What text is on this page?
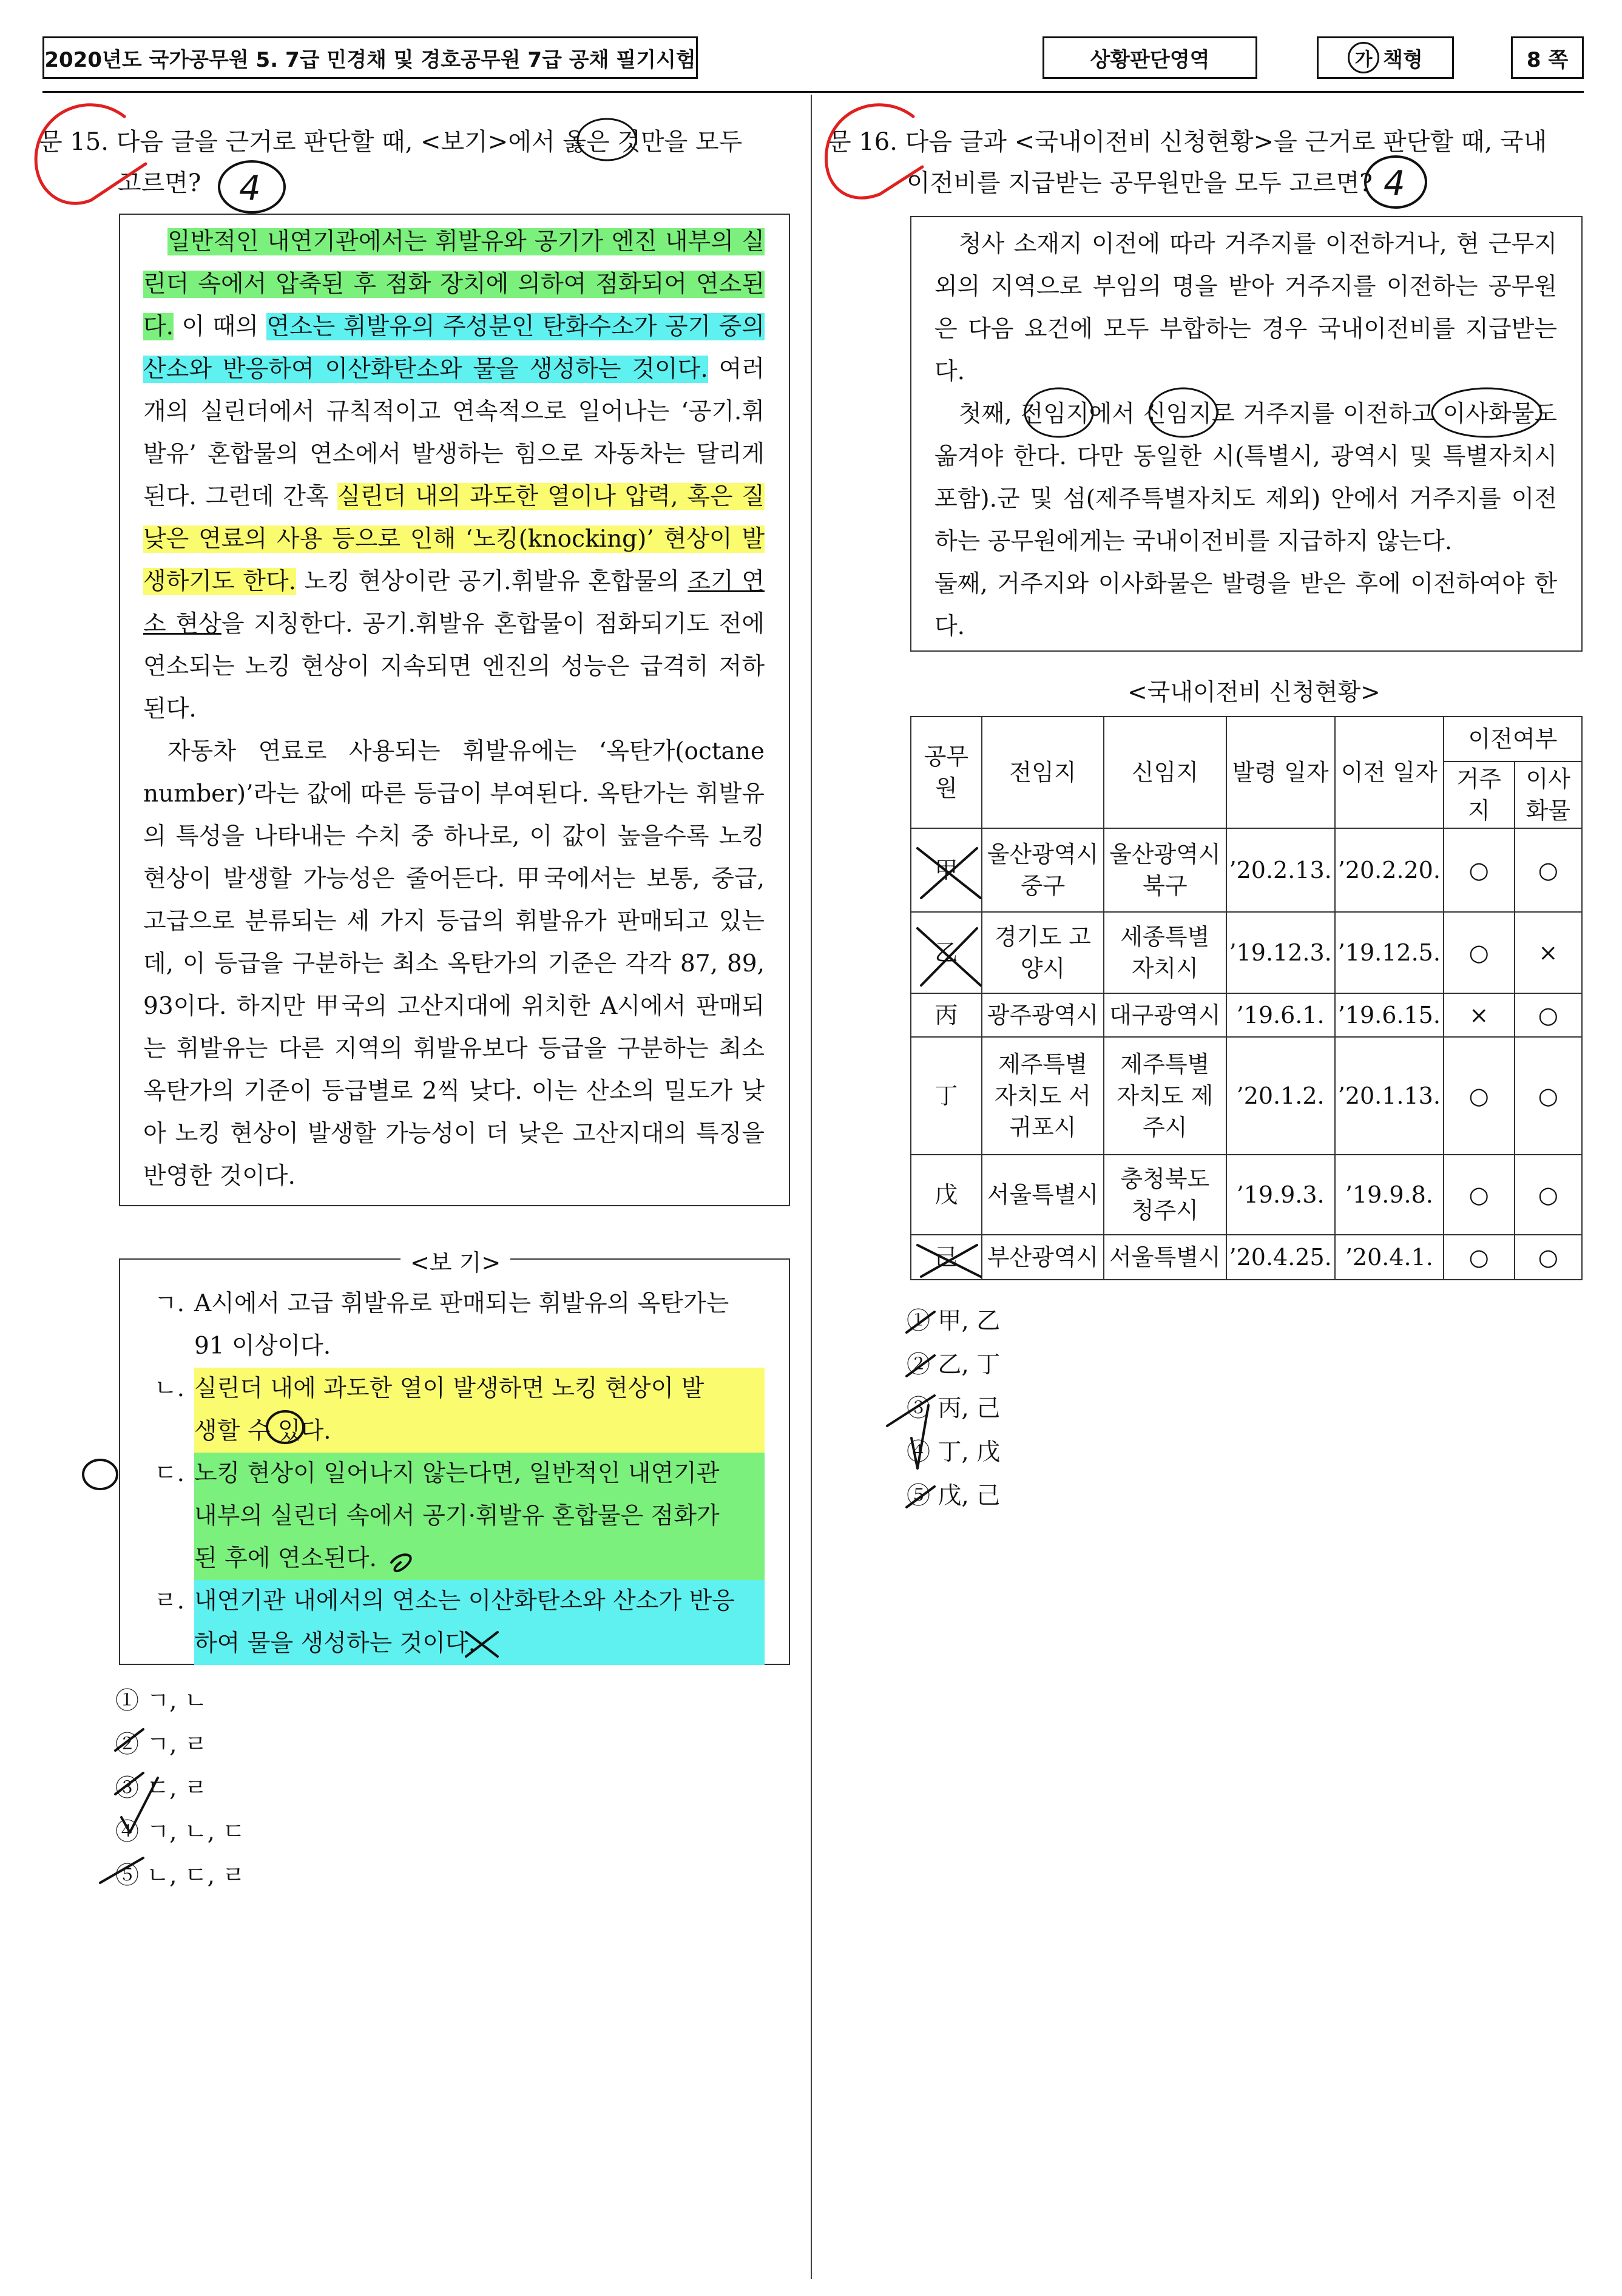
2020년도 국가공무원 5. 7급 민경채 및 경호공무원 7급 공채 필기시험	상황판단영역	가 책형	8 쪽
문 15. 다음 글을 근거로 판단할 때, <보기>에서 옳은 것만을 모두
고르면?

일반적인 내연기관에서는 휘발유와 공기가 엔진 내부의 실린더 속에서 압축된 후 점화 장치에 의하여 점화되어 연소된다. 이 때의 연소는 휘발유의 주성분인 탄화수소가 공기 중의 산소와 반응하여 이산화탄소와 물을 생성하는 것이다. 여러 개의 실린더에서 규칙적이고 연속적으로 일어나는 ‘공기.휘발유’ 혼합물의 연소에서 발생하는 힘으로 자동차는 달리게 된다. 그런데 간혹 실린더 내의 과도한 열이나 압력, 혹은 질 낮은 연료의 사용 등으로 인해 ‘노킹(knocking)’ 현상이 발생하기도 한다. 노킹 현상이란 공기.휘발유 혼합물의 조기 연소 현상을 지칭한다. 공기.휘발유 혼합물이 점화되기도 전에 연소되는 노킹 현상이 지속되면 엔진의 성능은 급격히 저하된다.

자동차 연료로 사용되는 휘발유에는 ‘옥탄가(octane number)’라는 값에 따른 등급이 부여된다. 옥탄가는 휘발유의 특성을 나타내는 수치 중 하나로, 이 값이 높을수록 노킹 현상이 발생할 가능성은 줄어든다. 甲국에서는 보통, 중급, 고급으로 분류되는 세 가지 등급의 휘발유가 판매되고 있는데, 이 등급을 구분하는 최소 옥탄가의 기준은 각각 87, 89, 93이다. 하지만 甲국의 고산지대에 위치한 A시에서 판매되는 휘발유는 다른 지역의 휘발유보다 등급을 구분하는 최소 옥탄가의 기준이 등급별로 2씩 낮다. 이는 산소의 밀도가 낮아 노킹 현상이 발생할 가능성이 더 낮은 고산지대의 특징을 반영한 것이다.

ㄱ. A시에서 고급 휘발유로 판매되는 휘발유의 옥탄가는 91 이상이다.
ㄴ. 실린더 내에 과도한 열이 발생하면 노킹 현상이 발생할 수 있다.
ㄷ. 노킹 현상이 일어나지 않는다면, 일반적인 내연기관 내부의 실린더 속에서 공기·휘발유 혼합물은 점화가 된 후에 연소된다.
ㄹ. 내연기관 내에서의 연소는 이산화탄소와 산소가 반응하여 물을 생성하는 것이다.
<보 기>
① ㄱ, ㄴ
② ㄱ, ㄹ
③ ㄷ, ㄹ
④ ㄱ, ㄴ, ㄷ
⑤ ㄴ, ㄷ, ㄹ
문 16. 다음 글과 <국내이전비 신청현황>을 근거로 판단할 때, 국내
이전비를 지급받는 공무원만을 모두 고르면?

청사 소재지 이전에 따라 거주지를 이전하거나, 현 근무지 외의 지역으로 부임의 명을 받아 거주지를 이전하는 공무원은 다음 요건에 모두 부합하는 경우 국내이전비를 지급받는다.

첫째, 전임지에서 신임지로 거주지를 이전하고 이사화물도 옮겨야 한다. 다만 동일한 시(특별시, 광역시 및 특별자치시 포함).군 및 섬(제주특별자치도 제외) 안에서 거주지를 이전하는 공무원에게는 국내이전비를 지급하지 않는다.

둘째, 거주지와 이사화물은 발령을 받은 후에 이전하여야 한다.

<국내이전비 신청현황>
공무원	전임지	신임지	발령 일자	이전 일자	이전여부	
					거주지	이사 화물
甲	울산광역시 중구	울산광역시 북구	’20.2.13.	’20.2.20.	○	○
乙	경기도 고양시	세종특별 자치시	’19.12.3.	’19.12.5.	○	×
丙	광주광역시	대구광역시	’19.6.1.	’19.6.15.	×	○
丁	제주특별 자치도 서귀포시	제주특별 자치도 제주시	’20.1.2.	’20.1.13.	○	○
戊	서울특별시	충청북도 청주시	’19.9.3.	’19.9.8.	○	○
己	부산광역시	서울특별시	’20.4.25.	’20.4.1.	○	○
① 甲, 乙
② 乙, 丁
③ 丙, 己
④ 丁, 戊
⑤ 戊, 己
4	4
